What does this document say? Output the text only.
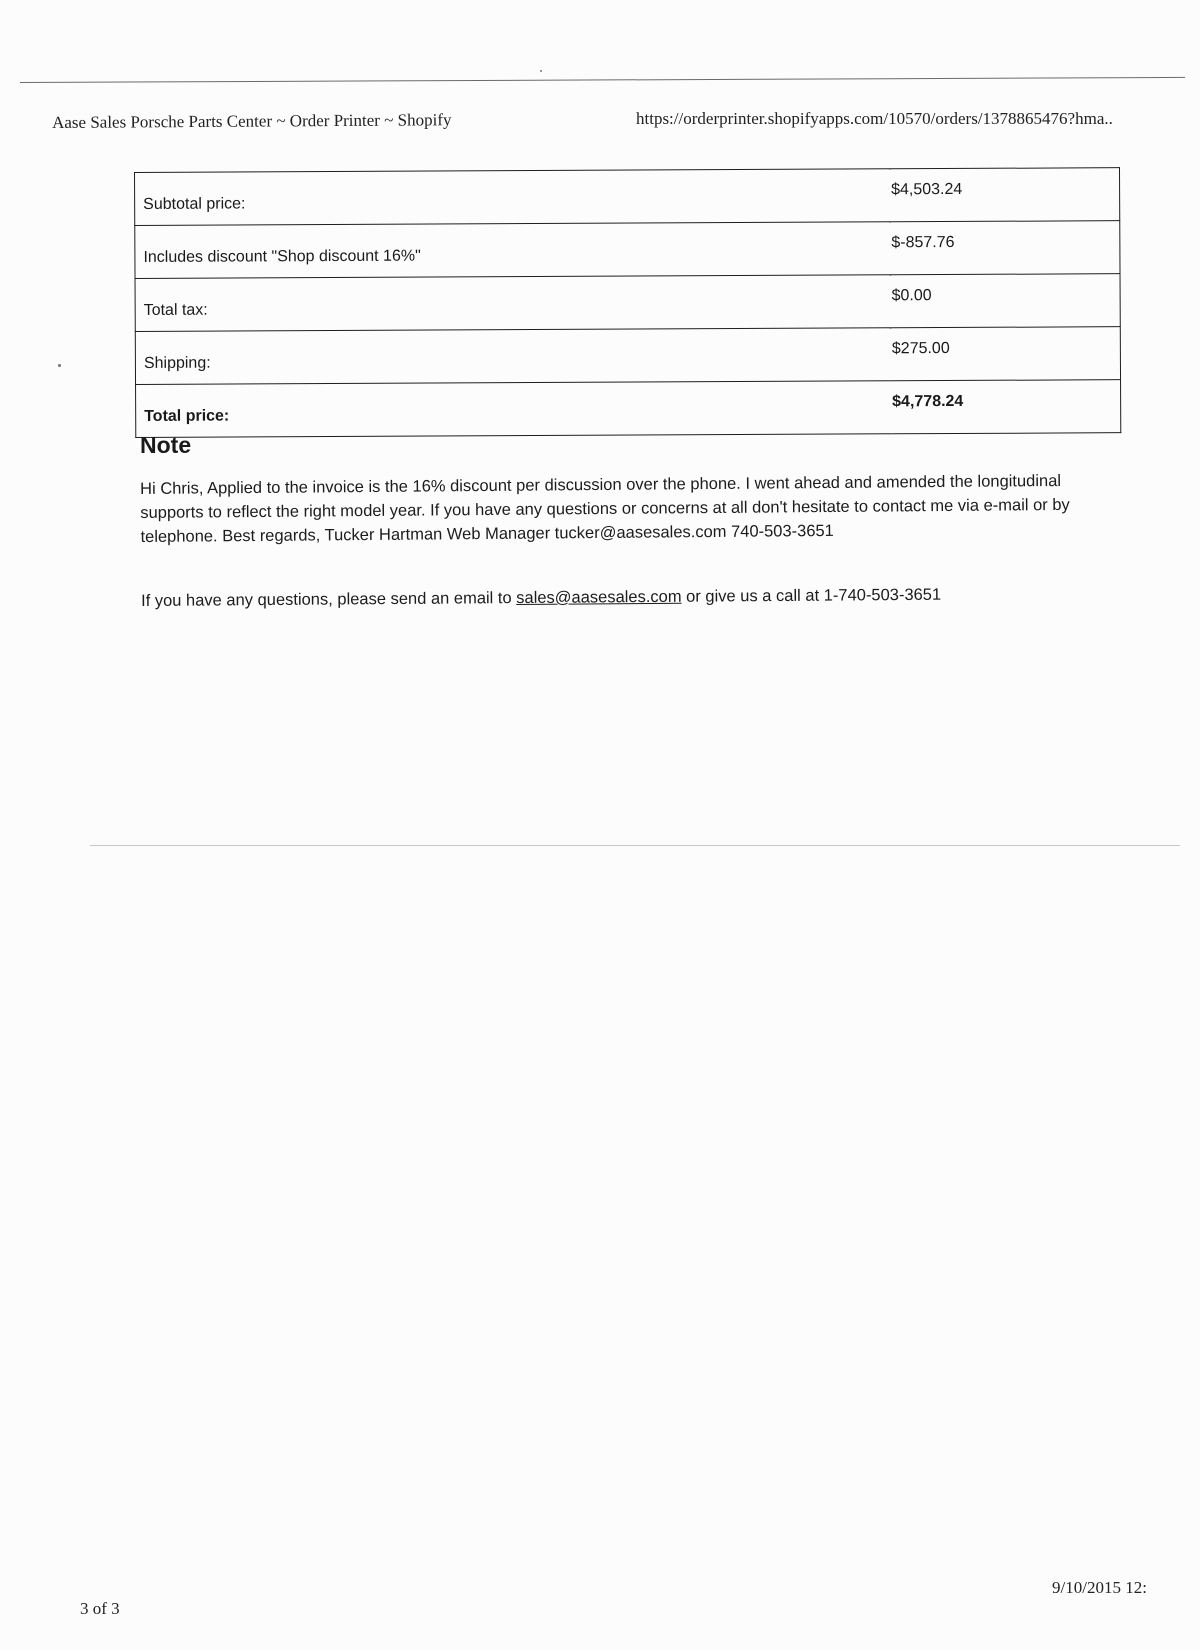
Aase Sales Porsche Parts Center ~ Order Printer ~ Shopify	https://orderprinter.shopifyapps.com/10570/orders/1378865476?hma..
Subtotal price:	$4,503.24
Includes discount "Shop discount 16%"	$-857.76
Total tax:	$0.00
Shipping:	$275.00
Total price:	$4,778.24
Note

Hi Chris, Applied to the invoice is the 16% discount per discussion over the phone. I went ahead and amended the longitudinal supports to reflect the right model year. If you have any questions or concerns at all don't hesitate to contact me via e-mail or by telephone. Best regards, Tucker Hartman Web Manager tucker@aasesales.com 740-503-3651

If you have any questions, please send an email to sales@aasesales.com or give us a call at 1-740-503-3651

3 of 3
9/10/2015 12:
